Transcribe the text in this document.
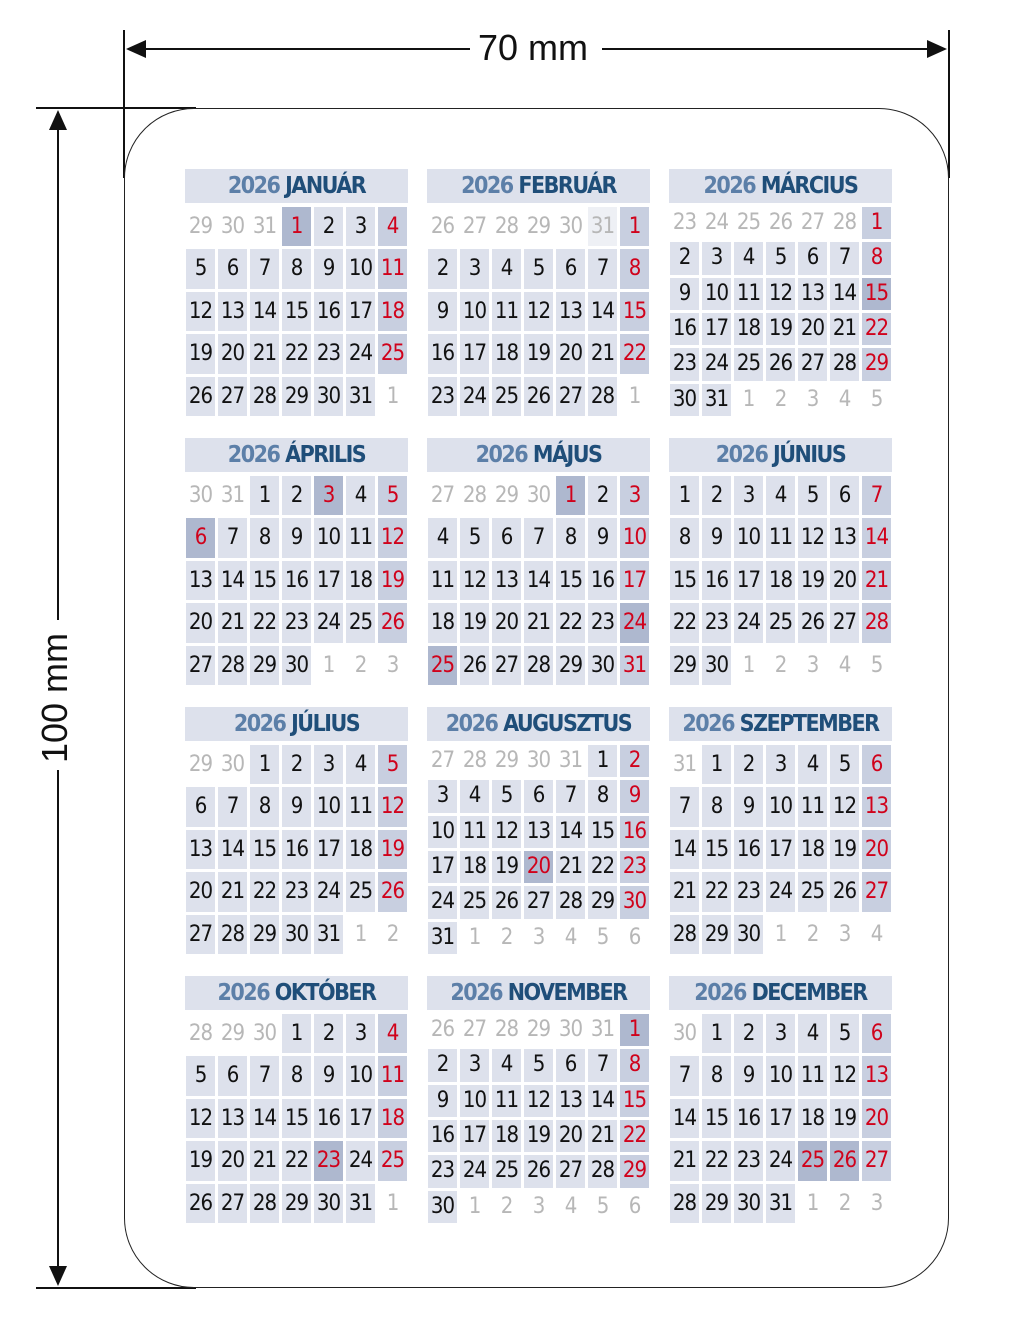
70 mm
100 mm
2026 JANUÁR
29 30 31 1 2 3 4
5 6 7 8 9 10 11
12 13 14 15 16 17 18
19 20 21 22 23 24 25
26 27 28 29 30 31 1
2026 FEBRUÁR
26 27 28 29 30 31 1
2 3 4 5 6 7 8
9 10 11 12 13 14 15
16 17 18 19 20 21 22
23 24 25 26 27 28 1
2026 MÁRCIUS
23 24 25 26 27 28 1
2 3 4 5 6 7 8
9 10 11 12 13 14 15
16 17 18 19 20 21 22
23 24 25 26 27 28 29
30 31 1 2 3 4 5
2026 ÁPRILIS
30 31 1 2 3 4 5
6 7 8 9 10 11 12
13 14 15 16 17 18 19
20 21 22 23 24 25 26
27 28 29 30 1 2 3
2026 MÁJUS
27 28 29 30 1 2 3
4 5 6 7 8 9 10
11 12 13 14 15 16 17
18 19 20 21 22 23 24
25 26 27 28 29 30 31
2026 JÚNIUS
1 2 3 4 5 6 7
8 9 10 11 12 13 14
15 16 17 18 19 20 21
22 23 24 25 26 27 28
29 30 1 2 3 4 5
2026 JÚLIUS
29 30 1 2 3 4 5
6 7 8 9 10 11 12
13 14 15 16 17 18 19
20 21 22 23 24 25 26
27 28 29 30 31 1 2
2026 AUGUSZTUS
27 28 29 30 31 1 2
3 4 5 6 7 8 9
10 11 12 13 14 15 16
17 18 19 20 21 22 23
24 25 26 27 28 29 30
31 1 2 3 4 5 6
2026 SZEPTEMBER
31 1 2 3 4 5 6
7 8 9 10 11 12 13
14 15 16 17 18 19 20
21 22 23 24 25 26 27
28 29 30 1 2 3 4
2026 OKTÓBER
28 29 30 1 2 3 4
5 6 7 8 9 10 11
12 13 14 15 16 17 18
19 20 21 22 23 24 25
26 27 28 29 30 31 1
2026 NOVEMBER
26 27 28 29 30 31 1
2 3 4 5 6 7 8
9 10 11 12 13 14 15
16 17 18 19 20 21 22
23 24 25 26 27 28 29
30 1 2 3 4 5 6
2026 DECEMBER
30 1 2 3 4 5 6
7 8 9 10 11 12 13
14 15 16 17 18 19 20
21 22 23 24 25 26 27
28 29 30 31 1 2 3
